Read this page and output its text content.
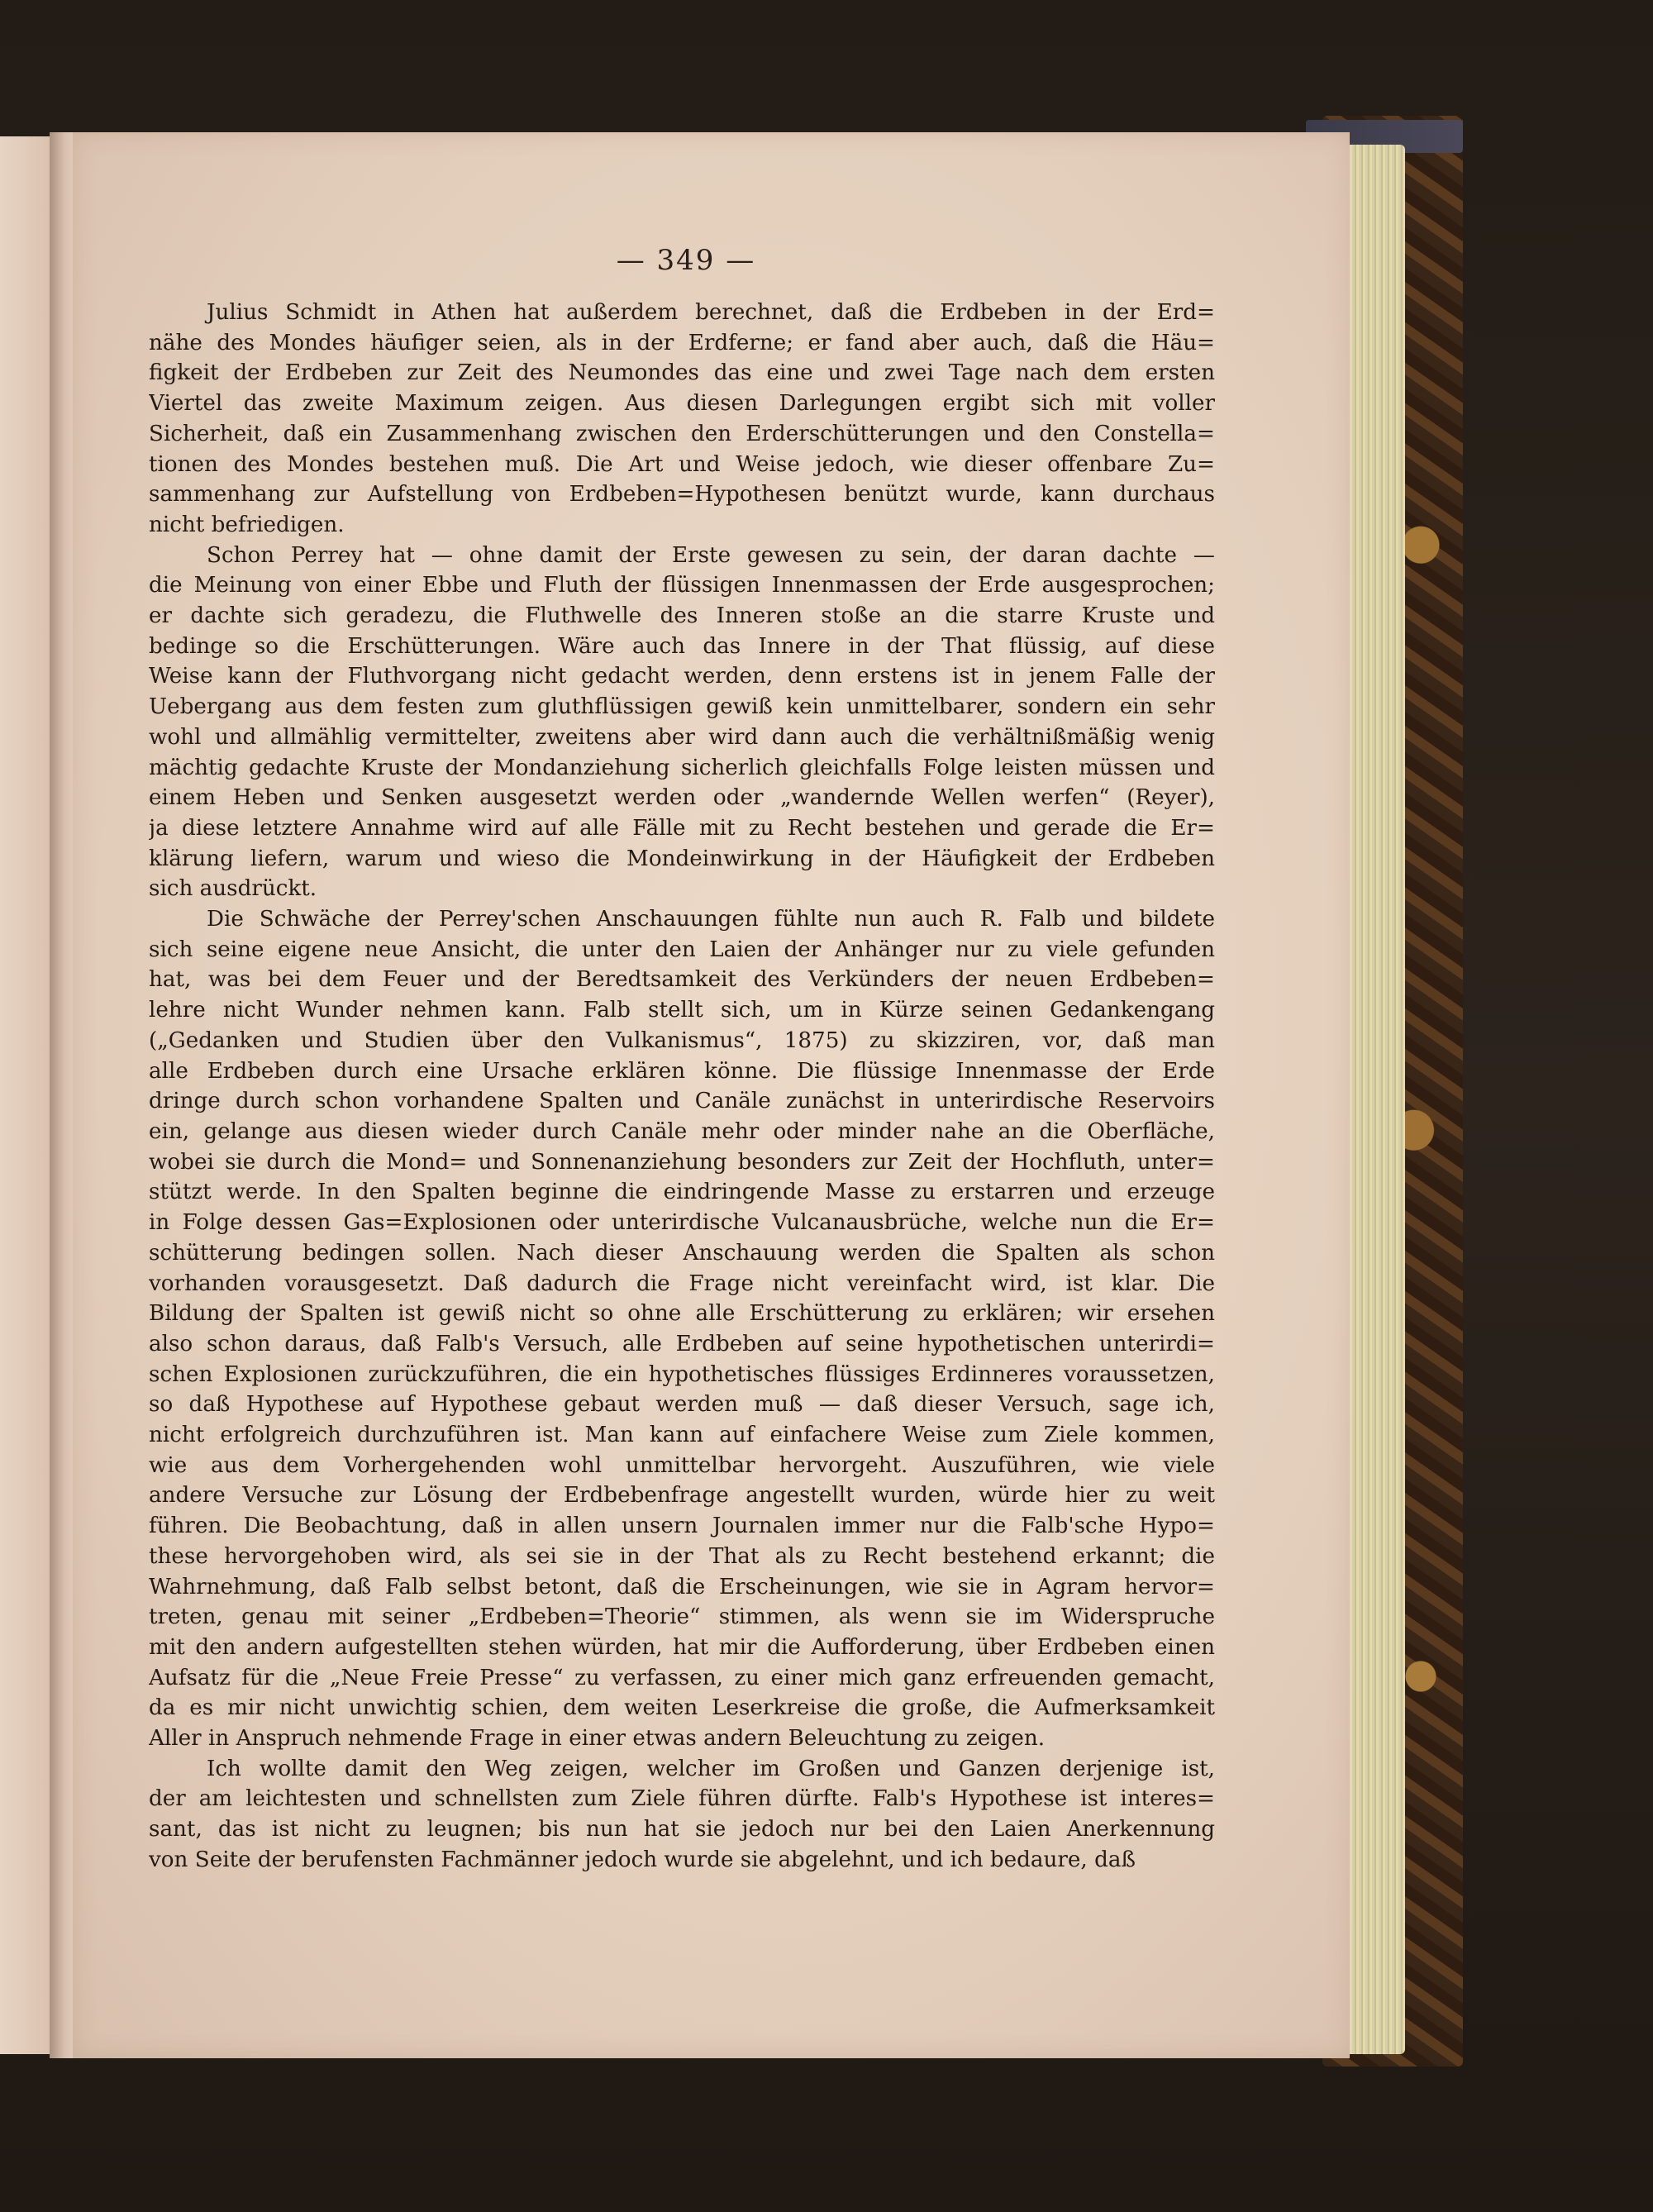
— 349 —
Julius Schmidt in Athen hat außerdem berechnet, daß die Erdbeben in der Erd=
nähe des Mondes häufiger seien, als in der Erdferne; er fand aber auch, daß die Häu=
figkeit der Erdbeben zur Zeit des Neumondes das eine und zwei Tage nach dem ersten
Viertel das zweite Maximum zeigen. Aus diesen Darlegungen ergibt sich mit voller
Sicherheit, daß ein Zusammenhang zwischen den Erderschütterungen und den Constella=
tionen des Mondes bestehen muß. Die Art und Weise jedoch, wie dieser offenbare Zu=
sammenhang zur Aufstellung von Erdbeben=Hypothesen benützt wurde, kann durchaus
nicht befriedigen.
Schon Perrey hat — ohne damit der Erste gewesen zu sein, der daran dachte —
die Meinung von einer Ebbe und Fluth der flüssigen Innenmassen der Erde ausgesprochen;
er dachte sich geradezu, die Fluthwelle des Inneren stoße an die starre Kruste und
bedinge so die Erschütterungen. Wäre auch das Innere in der That flüssig, auf diese
Weise kann der Fluthvorgang nicht gedacht werden, denn erstens ist in jenem Falle der
Uebergang aus dem festen zum gluthflüssigen gewiß kein unmittelbarer, sondern ein sehr
wohl und allmählig vermittelter, zweitens aber wird dann auch die verhältnißmäßig wenig
mächtig gedachte Kruste der Mondanziehung sicherlich gleichfalls Folge leisten müssen und
einem Heben und Senken ausgesetzt werden oder „wandernde Wellen werfen“ (Reyer),
ja diese letztere Annahme wird auf alle Fälle mit zu Recht bestehen und gerade die Er=
klärung liefern, warum und wieso die Mondeinwirkung in der Häufigkeit der Erdbeben
sich ausdrückt.
Die Schwäche der Perrey'schen Anschauungen fühlte nun auch R. Falb und bildete
sich seine eigene neue Ansicht, die unter den Laien der Anhänger nur zu viele gefunden
hat, was bei dem Feuer und der Beredtsamkeit des Verkünders der neuen Erdbeben=
lehre nicht Wunder nehmen kann. Falb stellt sich, um in Kürze seinen Gedankengang
(„Gedanken und Studien über den Vulkanismus“, 1875) zu skizziren, vor, daß man
alle Erdbeben durch eine Ursache erklären könne. Die flüssige Innenmasse der Erde
dringe durch schon vorhandene Spalten und Canäle zunächst in unterirdische Reservoirs
ein, gelange aus diesen wieder durch Canäle mehr oder minder nahe an die Oberfläche,
wobei sie durch die Mond= und Sonnenanziehung besonders zur Zeit der Hochfluth, unter=
stützt werde. In den Spalten beginne die eindringende Masse zu erstarren und erzeuge
in Folge dessen Gas=Explosionen oder unterirdische Vulcanausbrüche, welche nun die Er=
schütterung bedingen sollen. Nach dieser Anschauung werden die Spalten als schon
vorhanden vorausgesetzt. Daß dadurch die Frage nicht vereinfacht wird, ist klar. Die
Bildung der Spalten ist gewiß nicht so ohne alle Erschütterung zu erklären; wir ersehen
also schon daraus, daß Falb's Versuch, alle Erdbeben auf seine hypothetischen unterirdi=
schen Explosionen zurückzuführen, die ein hypothetisches flüssiges Erdinneres voraussetzen,
so daß Hypothese auf Hypothese gebaut werden muß — daß dieser Versuch, sage ich,
nicht erfolgreich durchzuführen ist. Man kann auf einfachere Weise zum Ziele kommen,
wie aus dem Vorhergehenden wohl unmittelbar hervorgeht. Auszuführen, wie viele
andere Versuche zur Lösung der Erdbebenfrage angestellt wurden, würde hier zu weit
führen. Die Beobachtung, daß in allen unsern Journalen immer nur die Falb'sche Hypo=
these hervorgehoben wird, als sei sie in der That als zu Recht bestehend erkannt; die
Wahrnehmung, daß Falb selbst betont, daß die Erscheinungen, wie sie in Agram hervor=
treten, genau mit seiner „Erdbeben=Theorie“ stimmen, als wenn sie im Widerspruche
mit den andern aufgestellten stehen würden, hat mir die Aufforderung, über Erdbeben einen
Aufsatz für die „Neue Freie Presse“ zu verfassen, zu einer mich ganz erfreuenden gemacht,
da es mir nicht unwichtig schien, dem weiten Leserkreise die große, die Aufmerksamkeit
Aller in Anspruch nehmende Frage in einer etwas andern Beleuchtung zu zeigen.
Ich wollte damit den Weg zeigen, welcher im Großen und Ganzen derjenige ist,
der am leichtesten und schnellsten zum Ziele führen dürfte. Falb's Hypothese ist interes=
sant, das ist nicht zu leugnen; bis nun hat sie jedoch nur bei den Laien Anerkennung
von Seite der berufensten Fachmänner jedoch wurde sie abgelehnt, und ich bedaure, daß
